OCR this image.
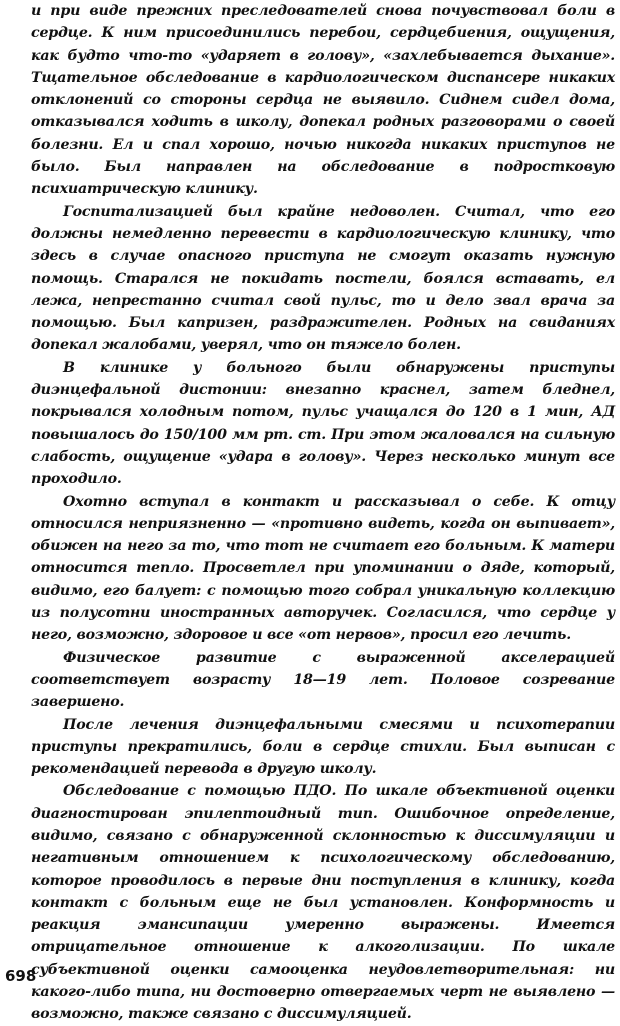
и при виде прежних преследователей снова почувствовал боли в сердце. К ним присоединились перебои, сердцебиения, ощущения, как будто что-то «ударяет в голову», «захлебывается дыхание». Тщательное обследование в кардиологическом диспансере никаких отклонений со стороны сердца не выявило. Сиднем сидел дома, отказывался ходить в школу, допекал родных разговорами о своей болезни. Ел и спал хорошо, ночью никогда никаких приступов не было. Был направлен на обследование в подростковую психиатрическую клинику.

Госпитализацией был крайне недоволен. Считал, что его должны немедленно перевести в кардиологическую клинику, что здесь в случае опасного приступа не смогут оказать нужную помощь. Старался не покидать постели, боялся вставать, ел лежа, непрестанно считал свой пульс, то и дело звал врача за помощью. Был капризен, раздражителен. Родных на свиданиях допекал жалобами, уверял, что он тяжело болен.

В клинике у больного были обнаружены приступы диэнцефальной дистонии: внезапно краснел, затем бледнел, покрывался холодным потом, пульс учащался до 120 в 1 мин, АД повышалось до 150/100 мм рт. ст. При этом жаловался на сильную слабость, ощущение «удара в голову». Через несколько минут все проходило.

Охотно вступал в контакт и рассказывал о себе. К отцу относился неприязненно — «противно видеть, когда он выпивает», обижен на него за то, что тот не считает его больным. К матери относится тепло. Просветлел при упоминании о дяде, который, видимо, его балует: с помощью того собрал уникальную коллекцию из полусотни иностранных авторучек. Согласился, что сердце у него, возможно, здоровое и все «от нервов», просил его лечить.

Физическое развитие с выраженной акселерацией соответствует возрасту 18—19 лет. Половое созревание завершено.

После лечения диэнцефальными смесями и психотерапии приступы прекратились, боли в сердце стихли. Был выписан с рекомендацией перевода в другую школу.

Обследование с помощью ПДО. По шкале объективной оценки диагностирован эпилептоидный тип. Ошибочное определение, видимо, связано с обнаруженной склонностью к диссимуляции и негативным отношением к психологическому обследованию, которое проводилось в первые дни поступления в клинику, когда контакт с больным еще не был установлен. Конформность и реакция эмансипации умеренно выражены. Имеется отрицательное отношение к алкоголизации. По шкале субъективной оценки самооценка неудовлетворительная: ни какого-либо типа, ни достоверно отвергаемых черт не выявлено — возможно, также связано с диссимуляцией.

698
